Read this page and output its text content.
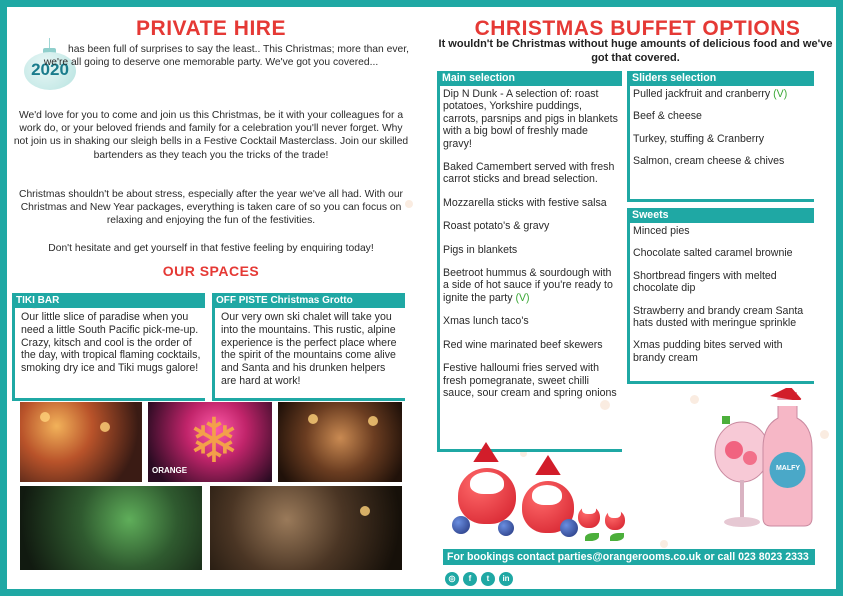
PRIVATE HIRE
2020

has been full of surprises to say the least.. This Christmas; more than ever, we're all going to deserve one memorable party. We've got you covered...

We'd love for you to come and join us this Christmas, be it with your colleagues for a work do, or your beloved friends and family for a celebration you'll never forget. Why not join us in shaking our sleigh bells in a Festive Cocktail Masterclass. Join our skilled bartenders as they teach you the tricks of the trade!

Christmas shouldn't be about stress, especially after the year we've all had. With our Christmas and New Year packages, everything is taken care of so you can focus on relaxing and enjoying the fun of the festivities.

Don't hesitate and get yourself in that festive feeling by enquiring today!

OUR SPACES
TIKI BAR
Our little slice of paradise when you need a little South Pacific pick-me-up. Crazy, kitsch and cool is the order of the day, with tropical flaming cocktails, smoking dry ice and Tiki mugs galore!
OFF PISTE Christmas Grotto
Our very own ski chalet will take you into the mountains. This rustic, alpine experience is the perfect place where the spirit of the mountains come alive and Santa and his drunken helpers are hard at work!
❄
ORANGE
CHRISTMAS BUFFET OPTIONS
It wouldn't be Christmas without huge amounts of delicious food and we've got that covered.
Main selection

Dip N Dunk - A selection of: roast potatoes, Yorkshire puddings, carrots, parsnips and pigs in blankets with a big bowl of freshly made gravy!

Baked Camembert served with fresh carrot sticks and bread selection.

Mozzarella sticks with festive salsa

Roast potato's & gravy

Pigs in blankets

Beetroot hummus & sourdough with a side of hot sauce if you're ready to ignite the party (V)

Xmas lunch taco's

Red wine marinated beef skewers

Festive halloumi fries served with fresh pomegranate, sweet chilli sauce, sour cream and spring onions

Sliders selection

Pulled jackfruit and cranberry (V)

Beef & cheese

Turkey, stuffing & Cranberry

Salmon, cream cheese & chives

Sweets

Minced pies

Chocolate salted caramel brownie

Shortbread fingers with melted chocolate dip

Strawberry and brandy cream Santa hats dusted with meringue sprinkle

Xmas pudding bites served with brandy cream

MALFY
For bookings contact parties@orangerooms.co.uk or call 023 8023 2333
◎	f	t	in
